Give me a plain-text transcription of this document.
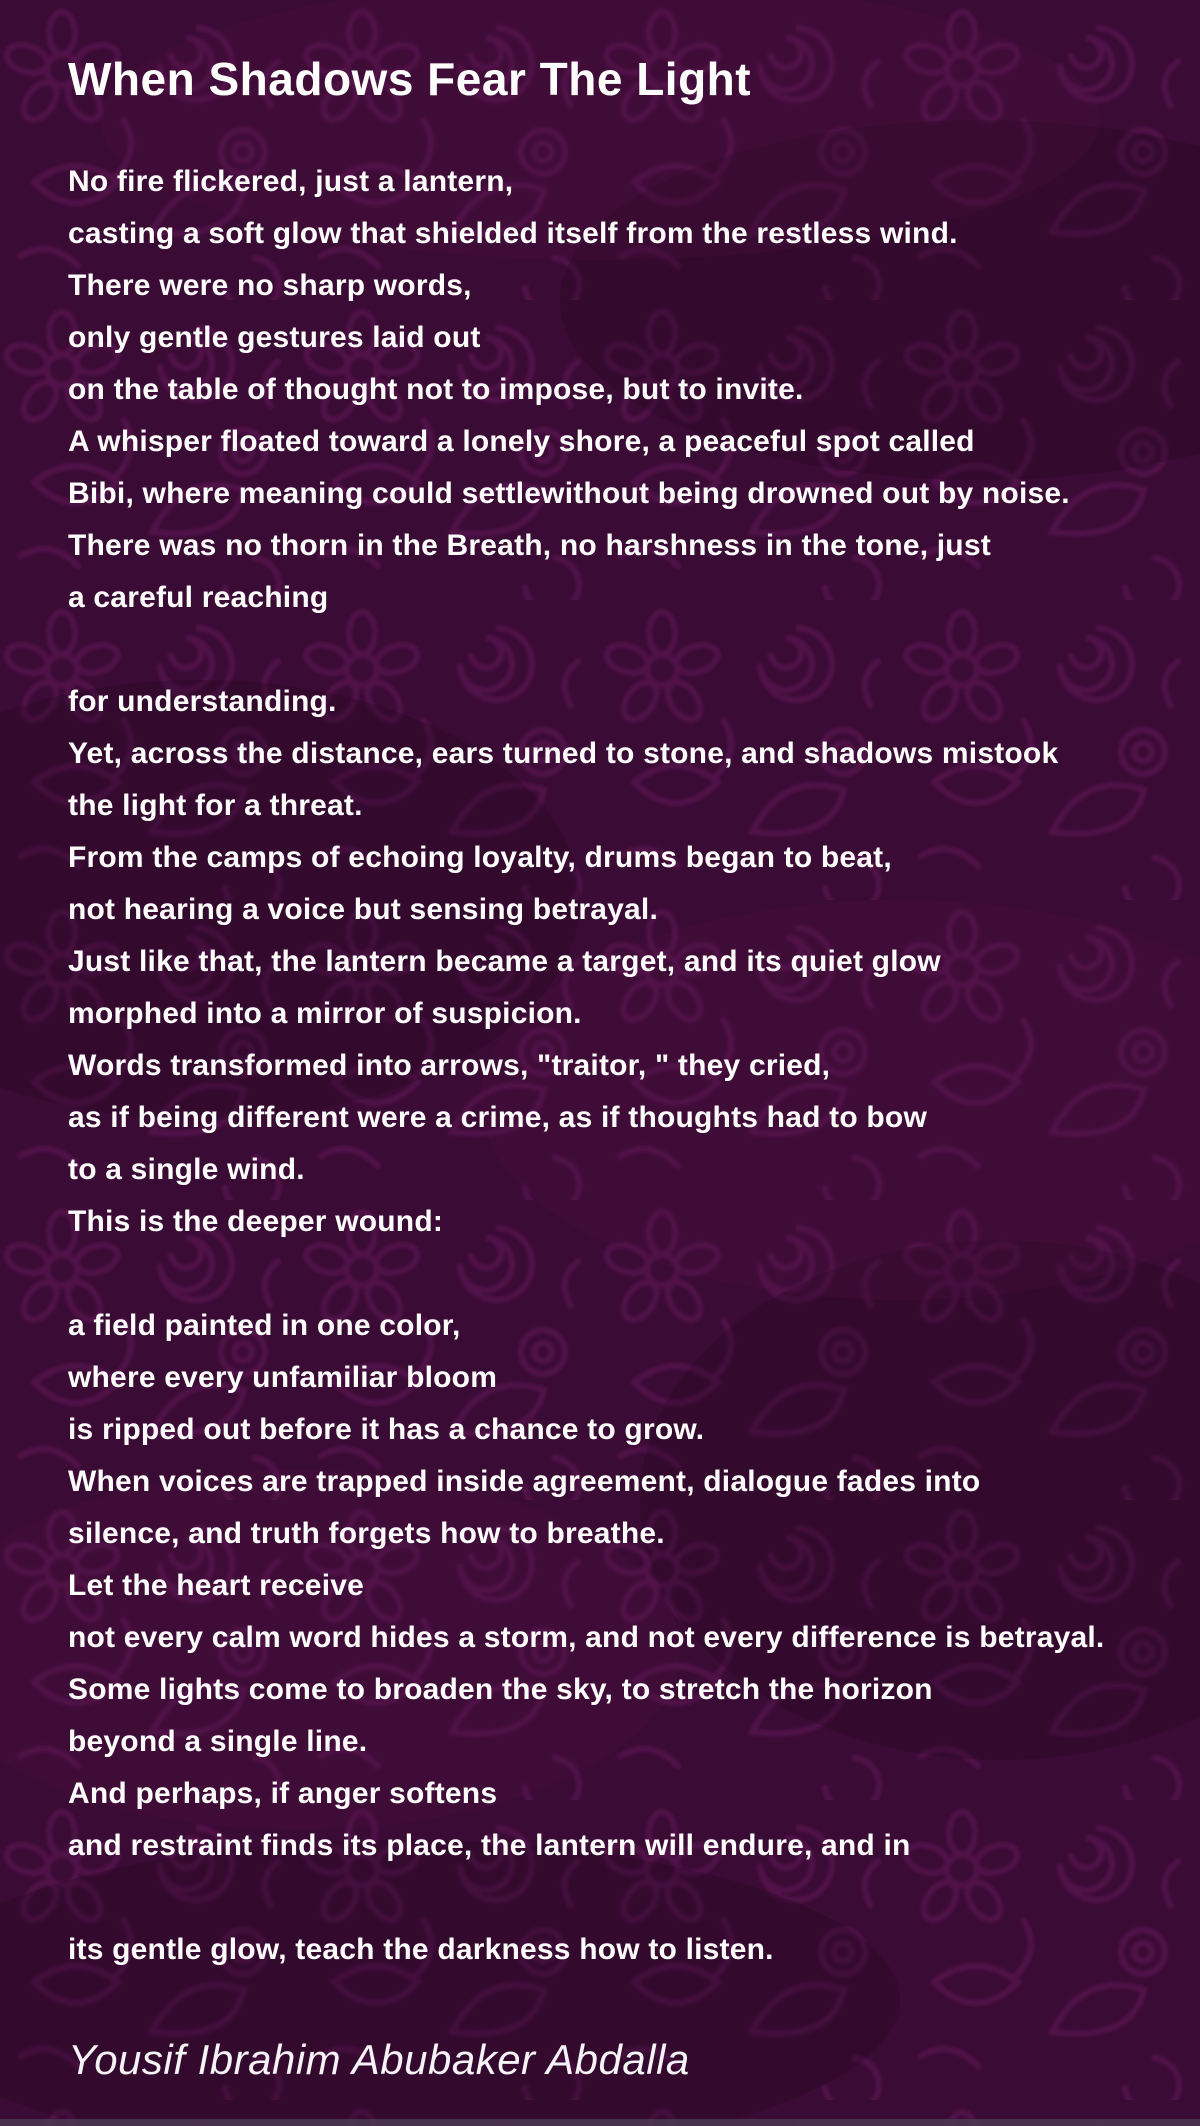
When Shadows Fear The Light

No fire flickered, just a lantern,
casting a soft glow that shielded itself from the restless wind.
There were no sharp words,
only gentle gestures laid out
on the table of thought not to impose, but to invite.
A whisper floated toward a lonely shore, a peaceful spot called
Bibi, where meaning could settlewithout being drowned out by noise.
There was no thorn in the Breath, no harshness in the tone, just
a careful reaching

for understanding.
Yet, across the distance, ears turned to stone, and shadows mistook
the light for a threat.
From the camps of echoing loyalty, drums began to beat,
not hearing a voice but sensing betrayal.
Just like that, the lantern became a target, and its quiet glow
morphed into a mirror of suspicion.
Words transformed into arrows, "traitor, " they cried,
as if being different were a crime, as if thoughts had to bow
to a single wind.
This is the deeper wound:

a field painted in one color,
where every unfamiliar bloom
is ripped out before it has a chance to grow.
When voices are trapped inside agreement, dialogue fades into
silence, and truth forgets how to breathe.
Let the heart receive
not every calm word hides a storm, and not every difference is betrayal.
Some lights come to broaden the sky, to stretch the horizon
beyond a single line.
And perhaps, if anger softens
and restraint finds its place, the lantern will endure, and in

its gentle glow, teach the darkness how to listen.

Yousif Ibrahim Abubaker Abdalla
